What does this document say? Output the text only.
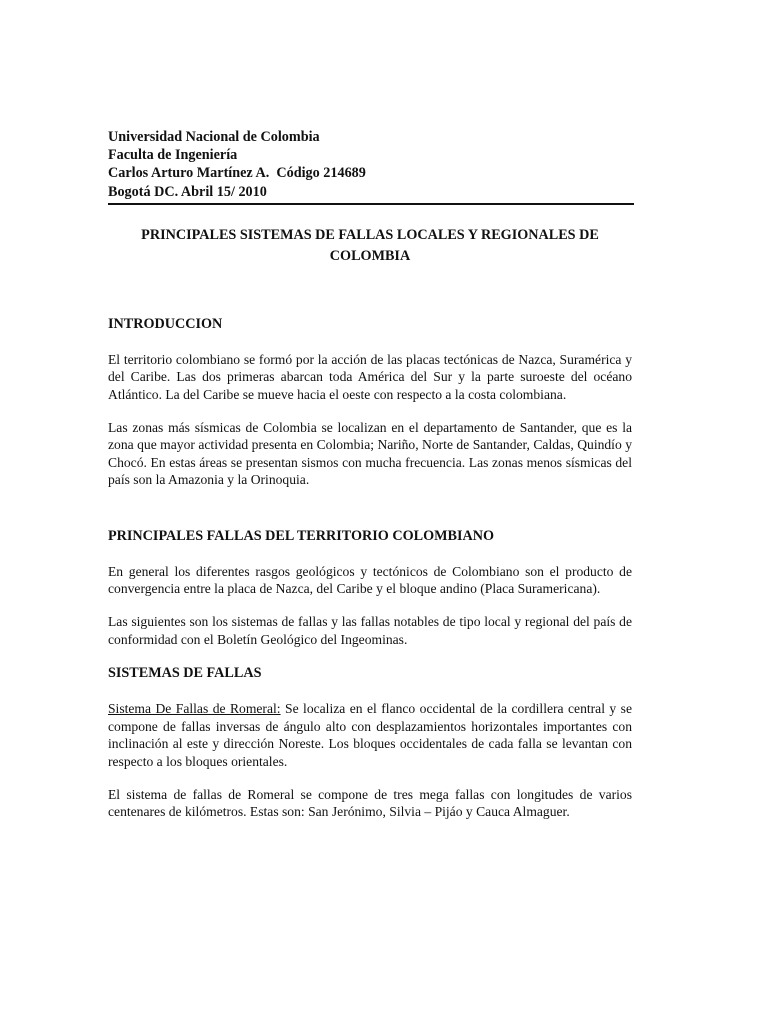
Universidad Nacional de Colombia
Faculta de Ingeniería
Carlos Arturo Martínez A.  Código 214689
Bogotá DC. Abril 15/ 2010
PRINCIPALES SISTEMAS DE FALLAS LOCALES Y REGIONALES DE COLOMBIA
INTRODUCCION

El territorio colombiano se formó por la acción de las placas tectónicas de Nazca, Suramérica y del Caribe. Las dos primeras abarcan toda América del Sur y la parte suroeste del océano Atlántico. La del Caribe se mueve hacia el oeste con respecto a la costa colombiana.

Las zonas más sísmicas de Colombia se localizan en el departamento de Santander, que es la zona que mayor actividad presenta en Colombia; Nariño, Norte de Santander, Caldas, Quindío y Chocó. En estas áreas se presentan sismos con mucha frecuencia. Las zonas menos sísmicas del país son la Amazonia y la Orinoquia.

PRINCIPALES FALLAS DEL TERRITORIO COLOMBIANO

En general los diferentes rasgos geológicos y tectónicos de Colombiano son el producto de convergencia entre la placa de Nazca, del Caribe y el bloque andino (Placa Suramericana).

Las siguientes son los sistemas de fallas y las fallas notables de tipo local y regional del país de conformidad con el Boletín Geológico del Ingeominas.

SISTEMAS DE FALLAS

Sistema De Fallas de Romeral: Se localiza en el flanco occidental de la cordillera central y se compone de fallas inversas de ángulo alto con desplazamientos horizontales importantes con inclinación al este y dirección Noreste. Los bloques occidentales de cada falla se levantan con respecto a los bloques orientales.

El sistema de fallas de Romeral se compone de tres mega fallas con longitudes de varios centenares de kilómetros. Estas son: San Jerónimo, Silvia – Pijáo y Cauca Almaguer.
